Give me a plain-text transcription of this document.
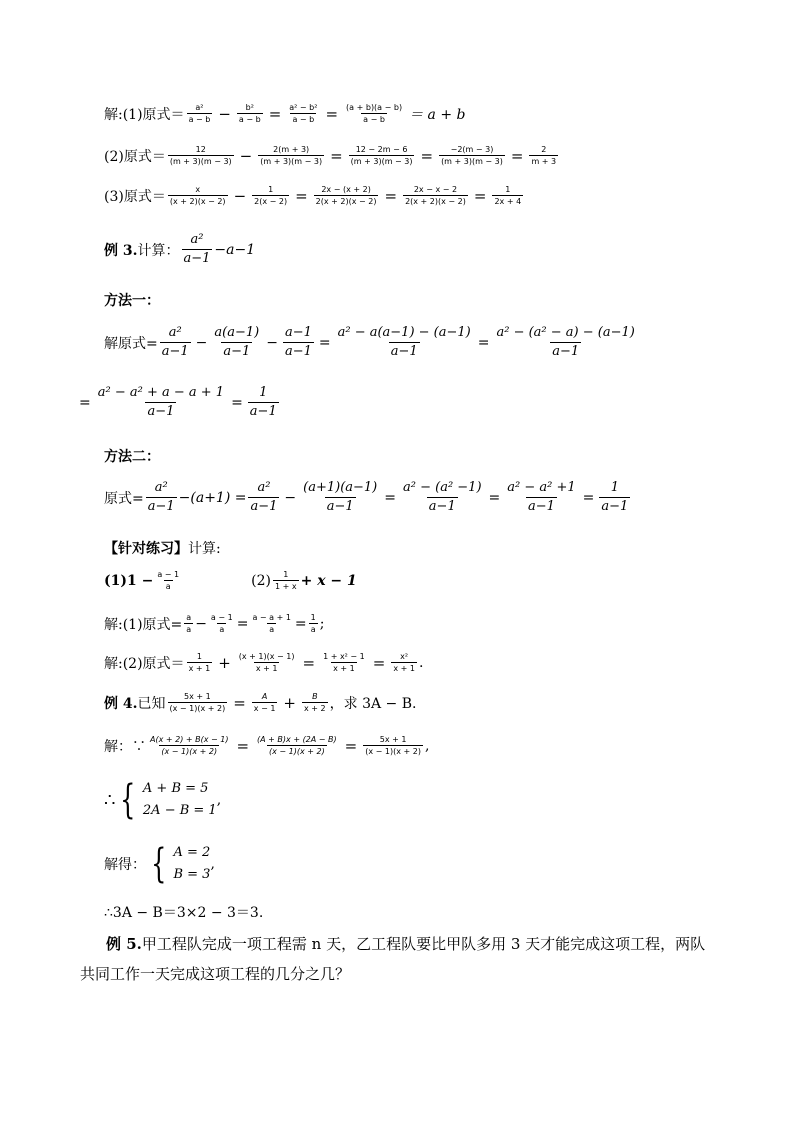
解:(1)原式＝ a²
$a - b - \frac{\text{b²}}{a - b} = \frac{\text{a² − b²}}{a - b} = \frac{(a + b)(a - b)}{a - b} = a + b$
(2)原式＝	12
$(m + 3)(m - 3) - \frac{2(m + 3)}{(m + 3)(m - 3)} = \frac{12 - 2m - 6}{(m + 3)(m - 3)} = \frac{-2(m - 3)}{(m + 3)(m - 3)} = \frac{2}{m + 3}$
(3)原式＝	x
$(x + 2)(x - 2) - \frac{1}{2(x - 2)} = \frac{2x - (x + 2)}{2(x + 2)(x - 2)} = \frac{2x - x - 2}{2(x + 2)(x - 2)} = \frac{1}{2x + 4}$
例 3. 计算：
a²
a−1
−a−1
方法一：
解原式= $\frac{\text{a²}}{a-1} - \frac{a(a-1)}{a-1} - \frac{a-1}{a-1} = \frac{\text{a² − a(a−1) − (a−1)}}{a-1} = \frac{\text{a² − (a² − a) − (a−1)}}{a-1}$
= $\frac{\text{a² − a² + a − a + 1}}{a-1} = \frac{1}{a-1}$
方法二：
原式= $\frac{\text{a²}}{a-1} -(a+1) = \frac{\text{a²}}{a-1} - \frac{(a+1)(a-1)}{a-1} = \frac{\text{a² − (a² −1)}}{a-1} = \frac{\text{a² − a² +1}}{a-1} = \frac{1}{a-1}$
【针对练习】 计算:
$(1)1 - \frac{a - 1}{a}$	(2) 1
1 + x + x − 1
解:(1)原式= $\frac{a}{a} - \frac{a - 1}{a} = \frac{a - a + 1}{a} = \frac{1}{a}$ ;
解:(2)原式＝ 1
$x + 1 + \frac{(x + 1)(x - 1)}{x + 1} = \frac{\text{1 + x² − 1}}{x + 1} = \frac{\text{x²}}{x + 1}$ .
例 4. 已知 $\frac{5x + 1}{(x - 1)(x + 2)} = \frac{A}{x - 1} + \frac{B}{x + 2}$ ，求 3A − B.
解：∵ $\frac{A(x + 2) + B(x - 1)}{(x - 1)(x + 2)} = \frac{(A + B)x + (2A - B)}{(x - 1)(x + 2)} = \frac{5x + 1}{(x - 1)(x + 2)}$ ,
∴ { A + B = 5
2A − B = 1
,
解得： { A = 2
B = 3
,
∴3A − B＝3×2 − 3＝3.
例 5.甲工程队完成一项工程需 n 天，乙工程队要比甲队多用 3 天才能完成这项工程，两队共同工作一天完成这项工程的几分之几？
